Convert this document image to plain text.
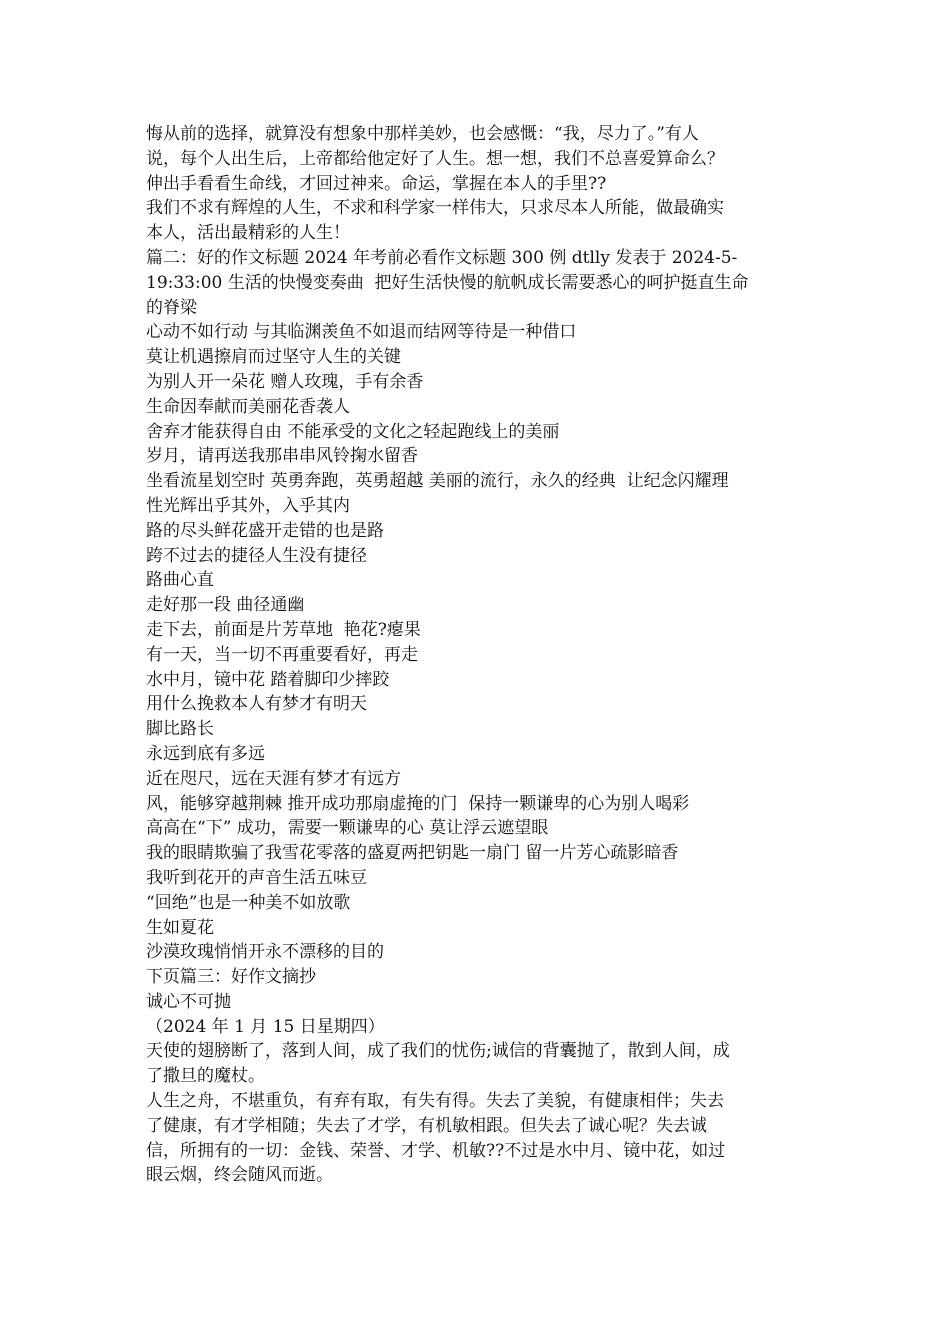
悔从前的选择，就算没有想象中那样美妙，也会感慨：“我，尽力了。”有人
说，每个人出生后，上帝都给他定好了人生。想一想，我们不总喜爱算命么？
伸出手看看生命线，才回过神来。命运，掌握在本人的手里??
我们不求有辉煌的人生，不求和科学家一样伟大，只求尽本人所能，做最确实
本人，活出最精彩的人生！
篇二：好的作文标题 2024 年考前必看作文标题 300 例 dtlly 发表于 2024-5-
19:33:00 生活的快慢变奏曲  把好生活快慢的航帆成长需要悉心的呵护挺直生命
的脊梁
心动不如行动 与其临渊羡鱼不如退而结网等待是一种借口
莫让机遇擦肩而过坚守人生的关键
为别人开一朵花 赠人玫瑰，手有余香
生命因奉献而美丽花香袭人
舍弃才能获得自由 不能承受的文化之轻起跑线上的美丽
岁月，请再送我那串串风铃掬水留香
坐看流星划空时 英勇奔跑，英勇超越 美丽的流行，永久的经典  让纪念闪耀理
性光辉出乎其外，入乎其内
路的尽头鲜花盛开走错的也是路
跨不过去的捷径人生没有捷径
路曲心直
走好那一段 曲径通幽
走下去，前面是片芳草地  艳花?瘪果
有一天，当一切不再重要看好，再走
水中月，镜中花 踏着脚印少摔跤
用什么挽救本人有梦才有明天
脚比路长
永远到底有多远
近在咫尺，远在天涯有梦才有远方
风，能够穿越荆棘 推开成功那扇虚掩的门  保持一颗谦卑的心为别人喝彩
高高在“下” 成功，需要一颗谦卑的心 莫让浮云遮望眼
我的眼睛欺骗了我雪花零落的盛夏两把钥匙一扇门 留一片芳心疏影暗香
我听到花开的声音生活五味豆
“回绝”也是一种美不如放歌
生如夏花
沙漠玫瑰悄悄开永不漂移的目的
下页篇三：好作文摘抄
诚心不可抛
（2024 年 1 月 15 日星期四）
天使的翅膀断了，落到人间，成了我们的忧伤;诚信的背囊抛了，散到人间，成
了撒旦的魔杖。
人生之舟，不堪重负，有弃有取，有失有得。失去了美貌，有健康相伴；失去
了健康，有才学相随；失去了才学，有机敏相跟。但失去了诚心呢？失去诚
信，所拥有的一切：金钱、荣誉、才学、机敏??不过是水中月、镜中花，如过
眼云烟，终会随风而逝。
